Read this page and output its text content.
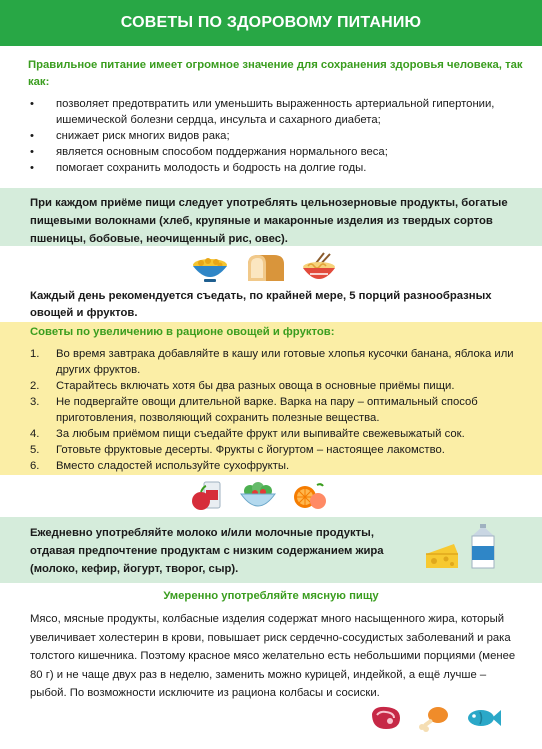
СОВЕТЫ ПО ЗДОРОВОМУ ПИТАНИЮ
Правильное питание имеет огромное значение для сохранения здоровья человека, так как:
• позволяет предотвратить или уменьшить выраженность артериальной гипертонии, ишемической болезни сердца, инсульта и сахарного диабета;
• снижает риск многих видов рака;
• является основным способом поддержания нормального веса;
• помогает сохранить молодость и бодрость на долгие годы.

При каждом приёме пищи следует употреблять цельнозерновые продукты, богатые пищевыми волокнами (хлеб, крупяные и макаронные изделия из твердых сортов пшеницы, бобовые, неочищенный рис, овес).

Каждый день рекомендуется съедать, по крайней мере, 5 порций разнообразных овощей и фруктов.
Советы по увеличению в рационе овощей и фруктов:
1. Во время завтрака добавляйте в кашу или готовые хлопья кусочки банана, яблока или других фруктов.
2. Старайтесь включать хотя бы два разных овоща в основные приёмы пищи.
3. Не подвергайте овощи длительной варке. Варка на пару – оптимальный способ приготовления, позволяющий сохранить полезные вещества.
4. За любым приёмом пищи съедайте фрукт или выпивайте свежевыжатый сок.
5. Готовьте фруктовые десерты. Фрукты с йогуртом – настоящее лакомство.
6. Вместо сладостей используйте сухофрукты.

Ежедневно употребляйте молоко и/или молочные продукты, отдавая предпочтение продуктам с низким содержанием жира (молоко, кефир, йогурт, творог, сыр).

Умеренно употребляйте мясную пищу
Мясо, мясные продукты, колбасные изделия содержат много насыщенного жира, который увеличивает холестерин в крови, повышает риск сердечно-сосудистых заболеваний и рака толстого кишечника. Поэтому красное мясо желательно есть небольшими порциями (менее 80 г) и не чаще двух раз в неделю, заменить можно курицей, индейкой, а ещё лучше – рыбой. По возможности исключите из рациона колбасы и сосиски.
